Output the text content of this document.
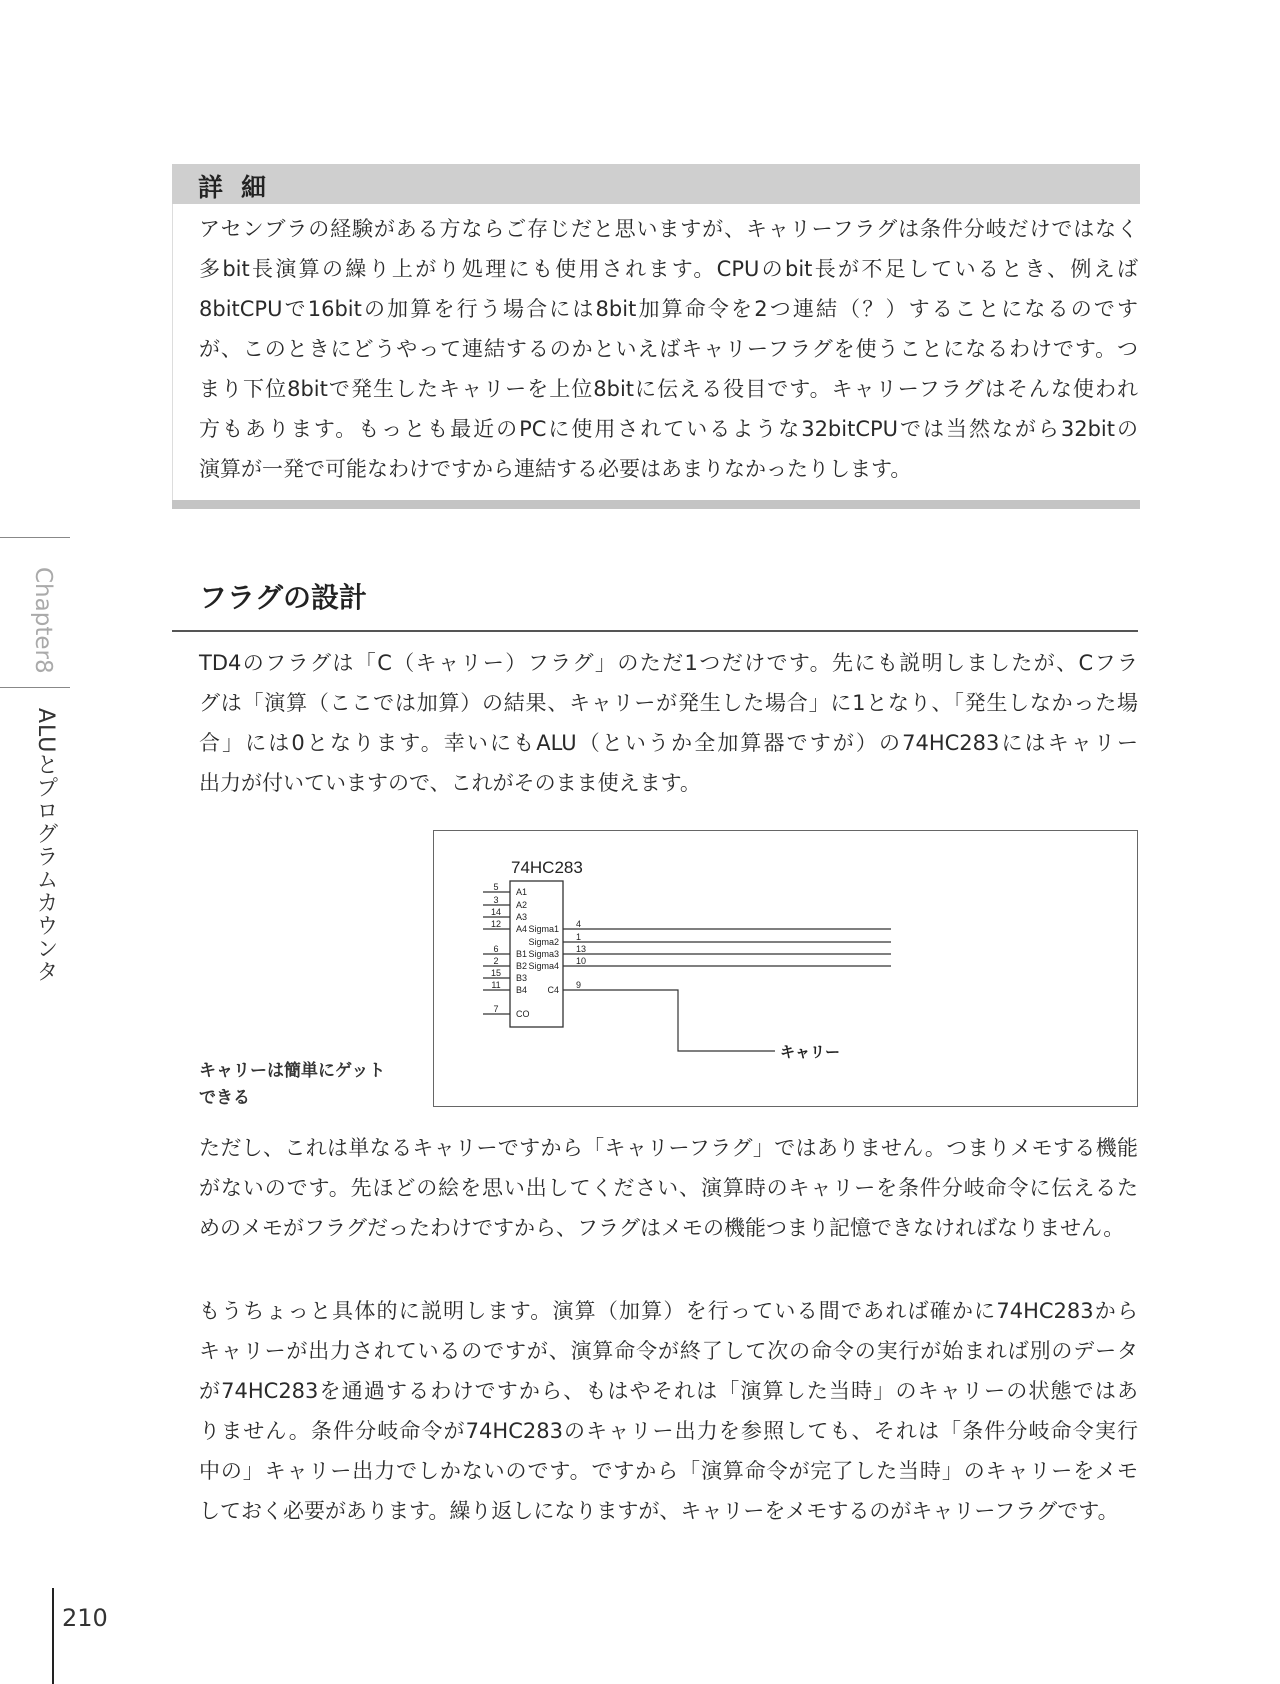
詳細
アセンブラの経験がある方ならご存じだと思いますが、キャリーフラグは条件分岐だけではなく
多bit長演算の繰り上がり処理にも使用されます。CPUのbit長が不足しているとき、例えば
8bitCPUで16bitの加算を行う場合には8bit加算命令を2つ連結（？）することになるのです
が、このときにどうやって連結するのかといえばキャリーフラグを使うことになるわけです。つ
まり下位8bitで発生したキャリーを上位8bitに伝える役目です。キャリーフラグはそんな使われ
方もあります。もっとも最近のPCに使用されているような32bitCPUでは当然ながら32bitの
演算が一発で可能なわけですから連結する必要はあまりなかったりします。
Chapter8
ALUとプログラムカウンタ
フラグの設計
TD4のフラグは「C（キャリー）フラグ」のただ1つだけです。先にも説明しましたが、Cフラ
グは「演算（ここでは加算）の結果、キャリーが発生した場合」に1となり、「発生しなかった場
合」には0となります。幸いにもALU（というか全加算器ですが）の74HC283にはキャリー
出力が付いていますので、これがそのまま使えます。
74HC283
5 A1
3 A2
14 A3
12 A4
6 B1
2 B2
15 B3
11 B4
7 CO
4
Sigma1
1
Sigma2
13
Sigma3
10
Sigma4
9
C4
キャリー
キャリーは簡単にゲット
できる
ただし、これは単なるキャリーですから「キャリーフラグ」ではありません。つまりメモする機能
がないのです。先ほどの絵を思い出してください、演算時のキャリーを条件分岐命令に伝えるた
めのメモがフラグだったわけですから、フラグはメモの機能つまり記憶できなければなりません。
もうちょっと具体的に説明します。演算（加算）を行っている間であれば確かに74HC283から
キャリーが出力されているのですが、演算命令が終了して次の命令の実行が始まれば別のデータ
が74HC283を通過するわけですから、もはやそれは「演算した当時」のキャリーの状態ではあ
りません。条件分岐命令が74HC283のキャリー出力を参照しても、それは「条件分岐命令実行
中の」キャリー出力でしかないのです。ですから「演算命令が完了した当時」のキャリーをメモ
しておく必要があります。繰り返しになりますが、キャリーをメモするのがキャリーフラグです。
210
